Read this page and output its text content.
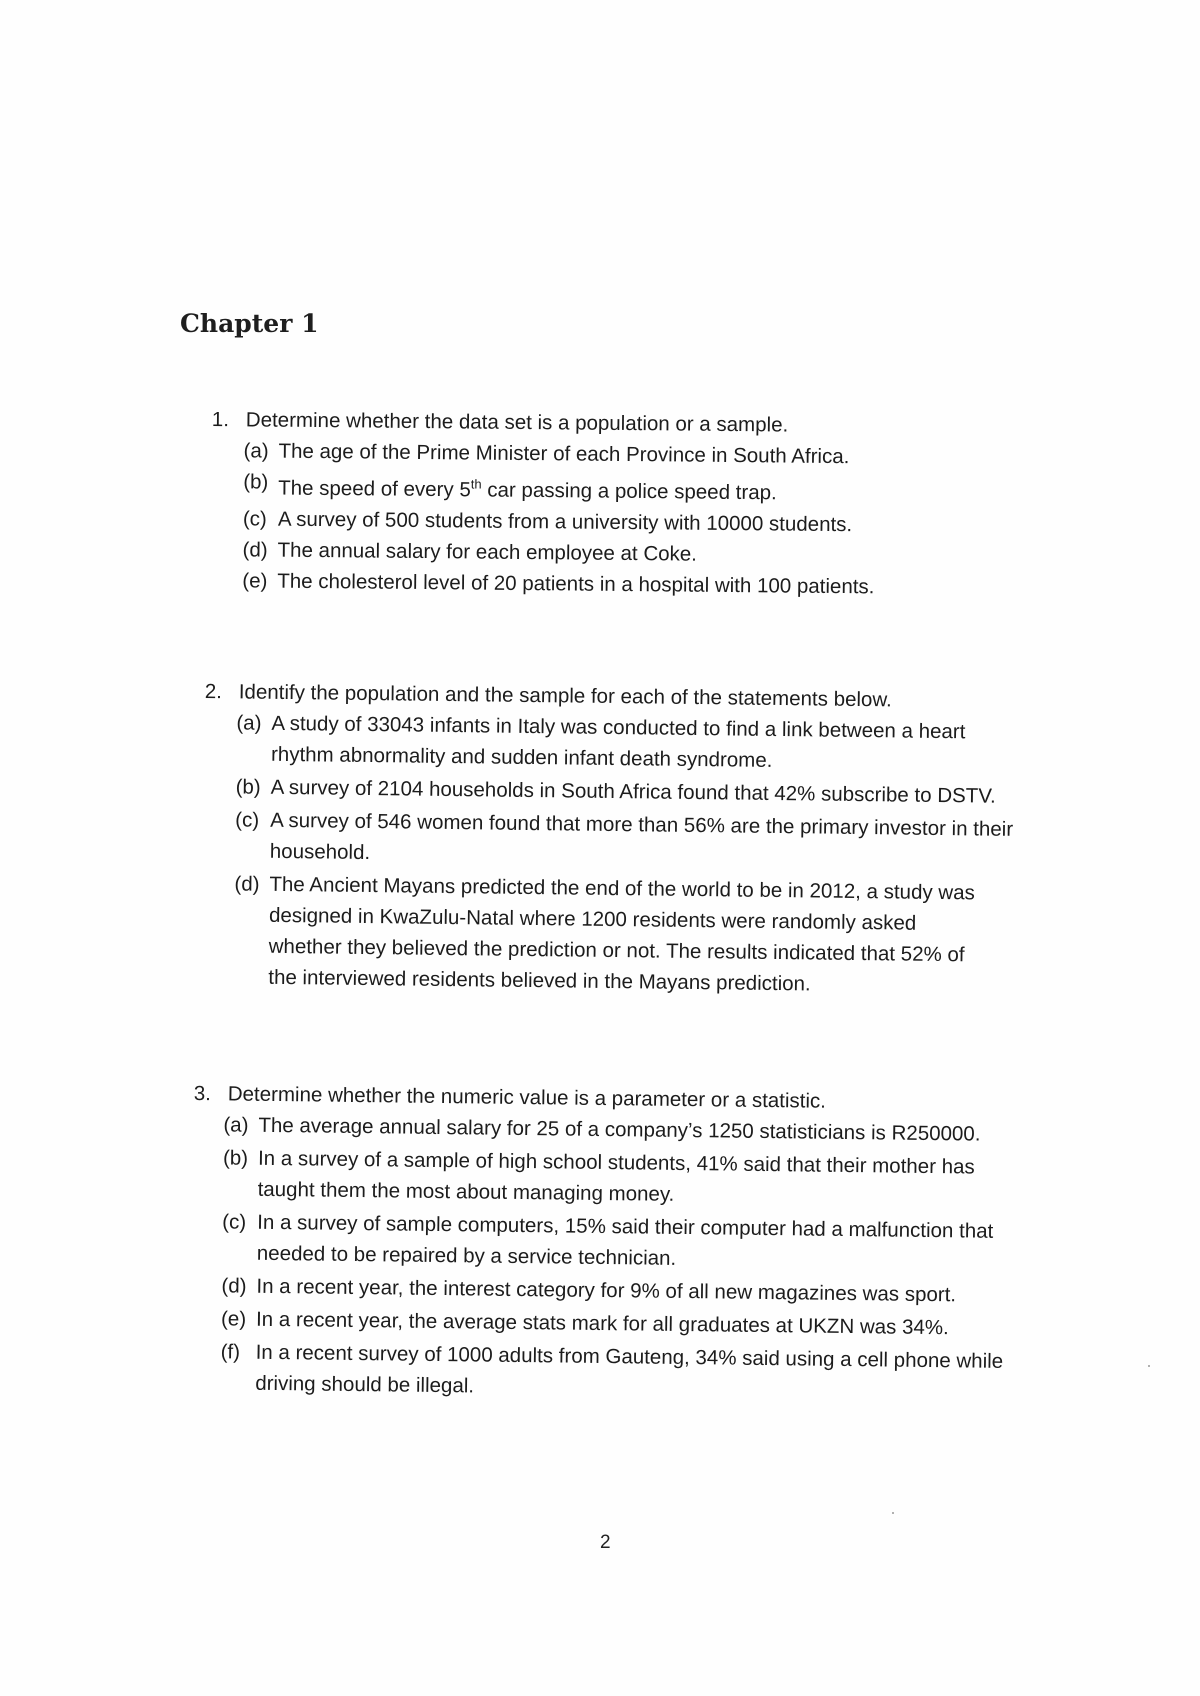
Chapter 1
1. Determine whether the data set is a population or a sample.
(a) The age of the Prime Minister of each Province in South Africa.
(b) The speed of every 5th car passing a police speed trap.
(c) A survey of 500 students from a university with 10000 students.
(d) The annual salary for each employee at Coke.
(e) The cholesterol level of 20 patients in a hospital with 100 patients.
2. Identify the population and the sample for each of the statements below.
(a) A study of 33043 infants in Italy was conducted to find a link between a heart rhythm abnormality and sudden infant death syndrome.
(b) A survey of 2104 households in South Africa found that 42% subscribe to DSTV.
(c) A survey of 546 women found that more than 56% are the primary investor in their household.
(d) The Ancient Mayans predicted the end of the world to be in 2012, a study was designed in KwaZulu-Natal where 1200 residents were randomly asked whether they believed the prediction or not. The results indicated that 52% of the interviewed residents believed in the Mayans prediction.
3. Determine whether the numeric value is a parameter or a statistic.
(a) The average annual salary for 25 of a company’s 1250 statisticians is R250000.
(b) In a survey of a sample of high school students, 41% said that their mother has taught them the most about managing money.
(c) In a survey of sample computers, 15% said their computer had a malfunction that needed to be repaired by a service technician.
(d) In a recent year, the interest category for 9% of all new magazines was sport.
(e) In a recent year, the average stats mark for all graduates at UKZN was 34%.
(f) In a recent survey of 1000 adults from Gauteng, 34% said using a cell phone while driving should be illegal.
2
